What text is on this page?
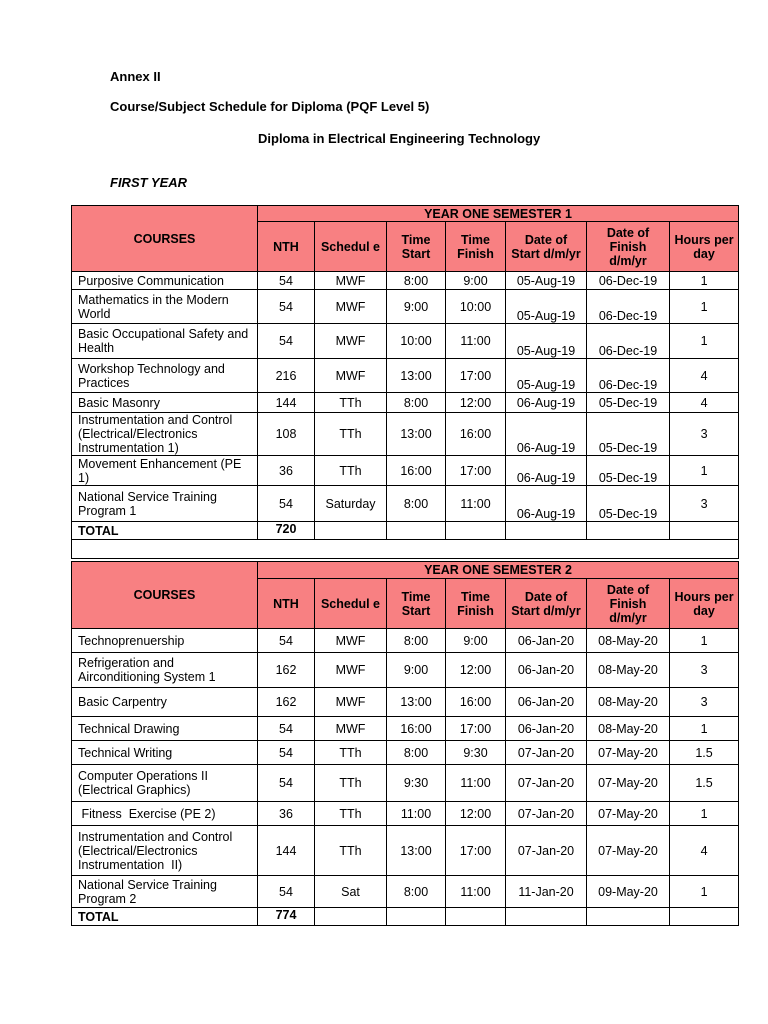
Annex II
Course/Subject Schedule for Diploma (PQF Level 5)
Diploma in Electrical Engineering Technology
FIRST YEAR
COURSES	YEAR ONE SEMESTER 1						
	NTH	Schedul e	Time Start	Time Finish	Date of Start d/m/yr	Date of Finish d/m/yr	Hours per day
Purposive Communication	54	MWF	8:00	9:00	05-Aug-19	06-Dec-19	1
Mathematics in the Modern World	54	MWF	9:00	10:00	05-Aug-19	06-Dec-19	1
Basic Occupational Safety and Health	54	MWF	10:00	11:00	05-Aug-19	06-Dec-19	1
Workshop Technology and Practices	216	MWF	13:00	17:00	05-Aug-19	06-Dec-19	4
Basic Masonry	144	TTh	8:00	12:00	06-Aug-19	05-Dec-19	4
Instrumentation and Control (Electrical/Electronics Instrumentation 1)	108	TTh	13:00	16:00	06-Aug-19	05-Dec-19	3
Movement Enhancement (PE 1)	36	TTh	16:00	17:00	06-Aug-19	05-Dec-19	1
National Service Training Program 1	54	Saturday	8:00	11:00	06-Aug-19	05-Dec-19	3
TOTAL	720						

COURSES	YEAR ONE SEMESTER 2						
	NTH	Schedul e	Time Start	Time Finish	Date of Start d/m/yr	Date of Finish d/m/yr	Hours per day
Technoprenuership	54	MWF	8:00	9:00	06-Jan-20	08-May-20	1
Refrigeration and Airconditioning System 1	162	MWF	9:00	12:00	06-Jan-20	08-May-20	3
Basic Carpentry	162	MWF	13:00	16:00	06-Jan-20	08-May-20	3
Technical Drawing	54	MWF	16:00	17:00	06-Jan-20	08-May-20	1
Technical Writing	54	TTh	8:00	9:30	07-Jan-20	07-May-20	1.5
Computer Operations II (Electrical Graphics)	54	TTh	9:30	11:00	07-Jan-20	07-May-20	1.5
Fitness  Exercise (PE 2)	36	TTh	11:00	12:00	07-Jan-20	07-May-20	1
Instrumentation and Control (Electrical/Electronics Instrumentation  II)	144	TTh	13:00	17:00	07-Jan-20	07-May-20	4
National Service Training Program 2	54	Sat	8:00	11:00	11-Jan-20	09-May-20	1
TOTAL	774						
